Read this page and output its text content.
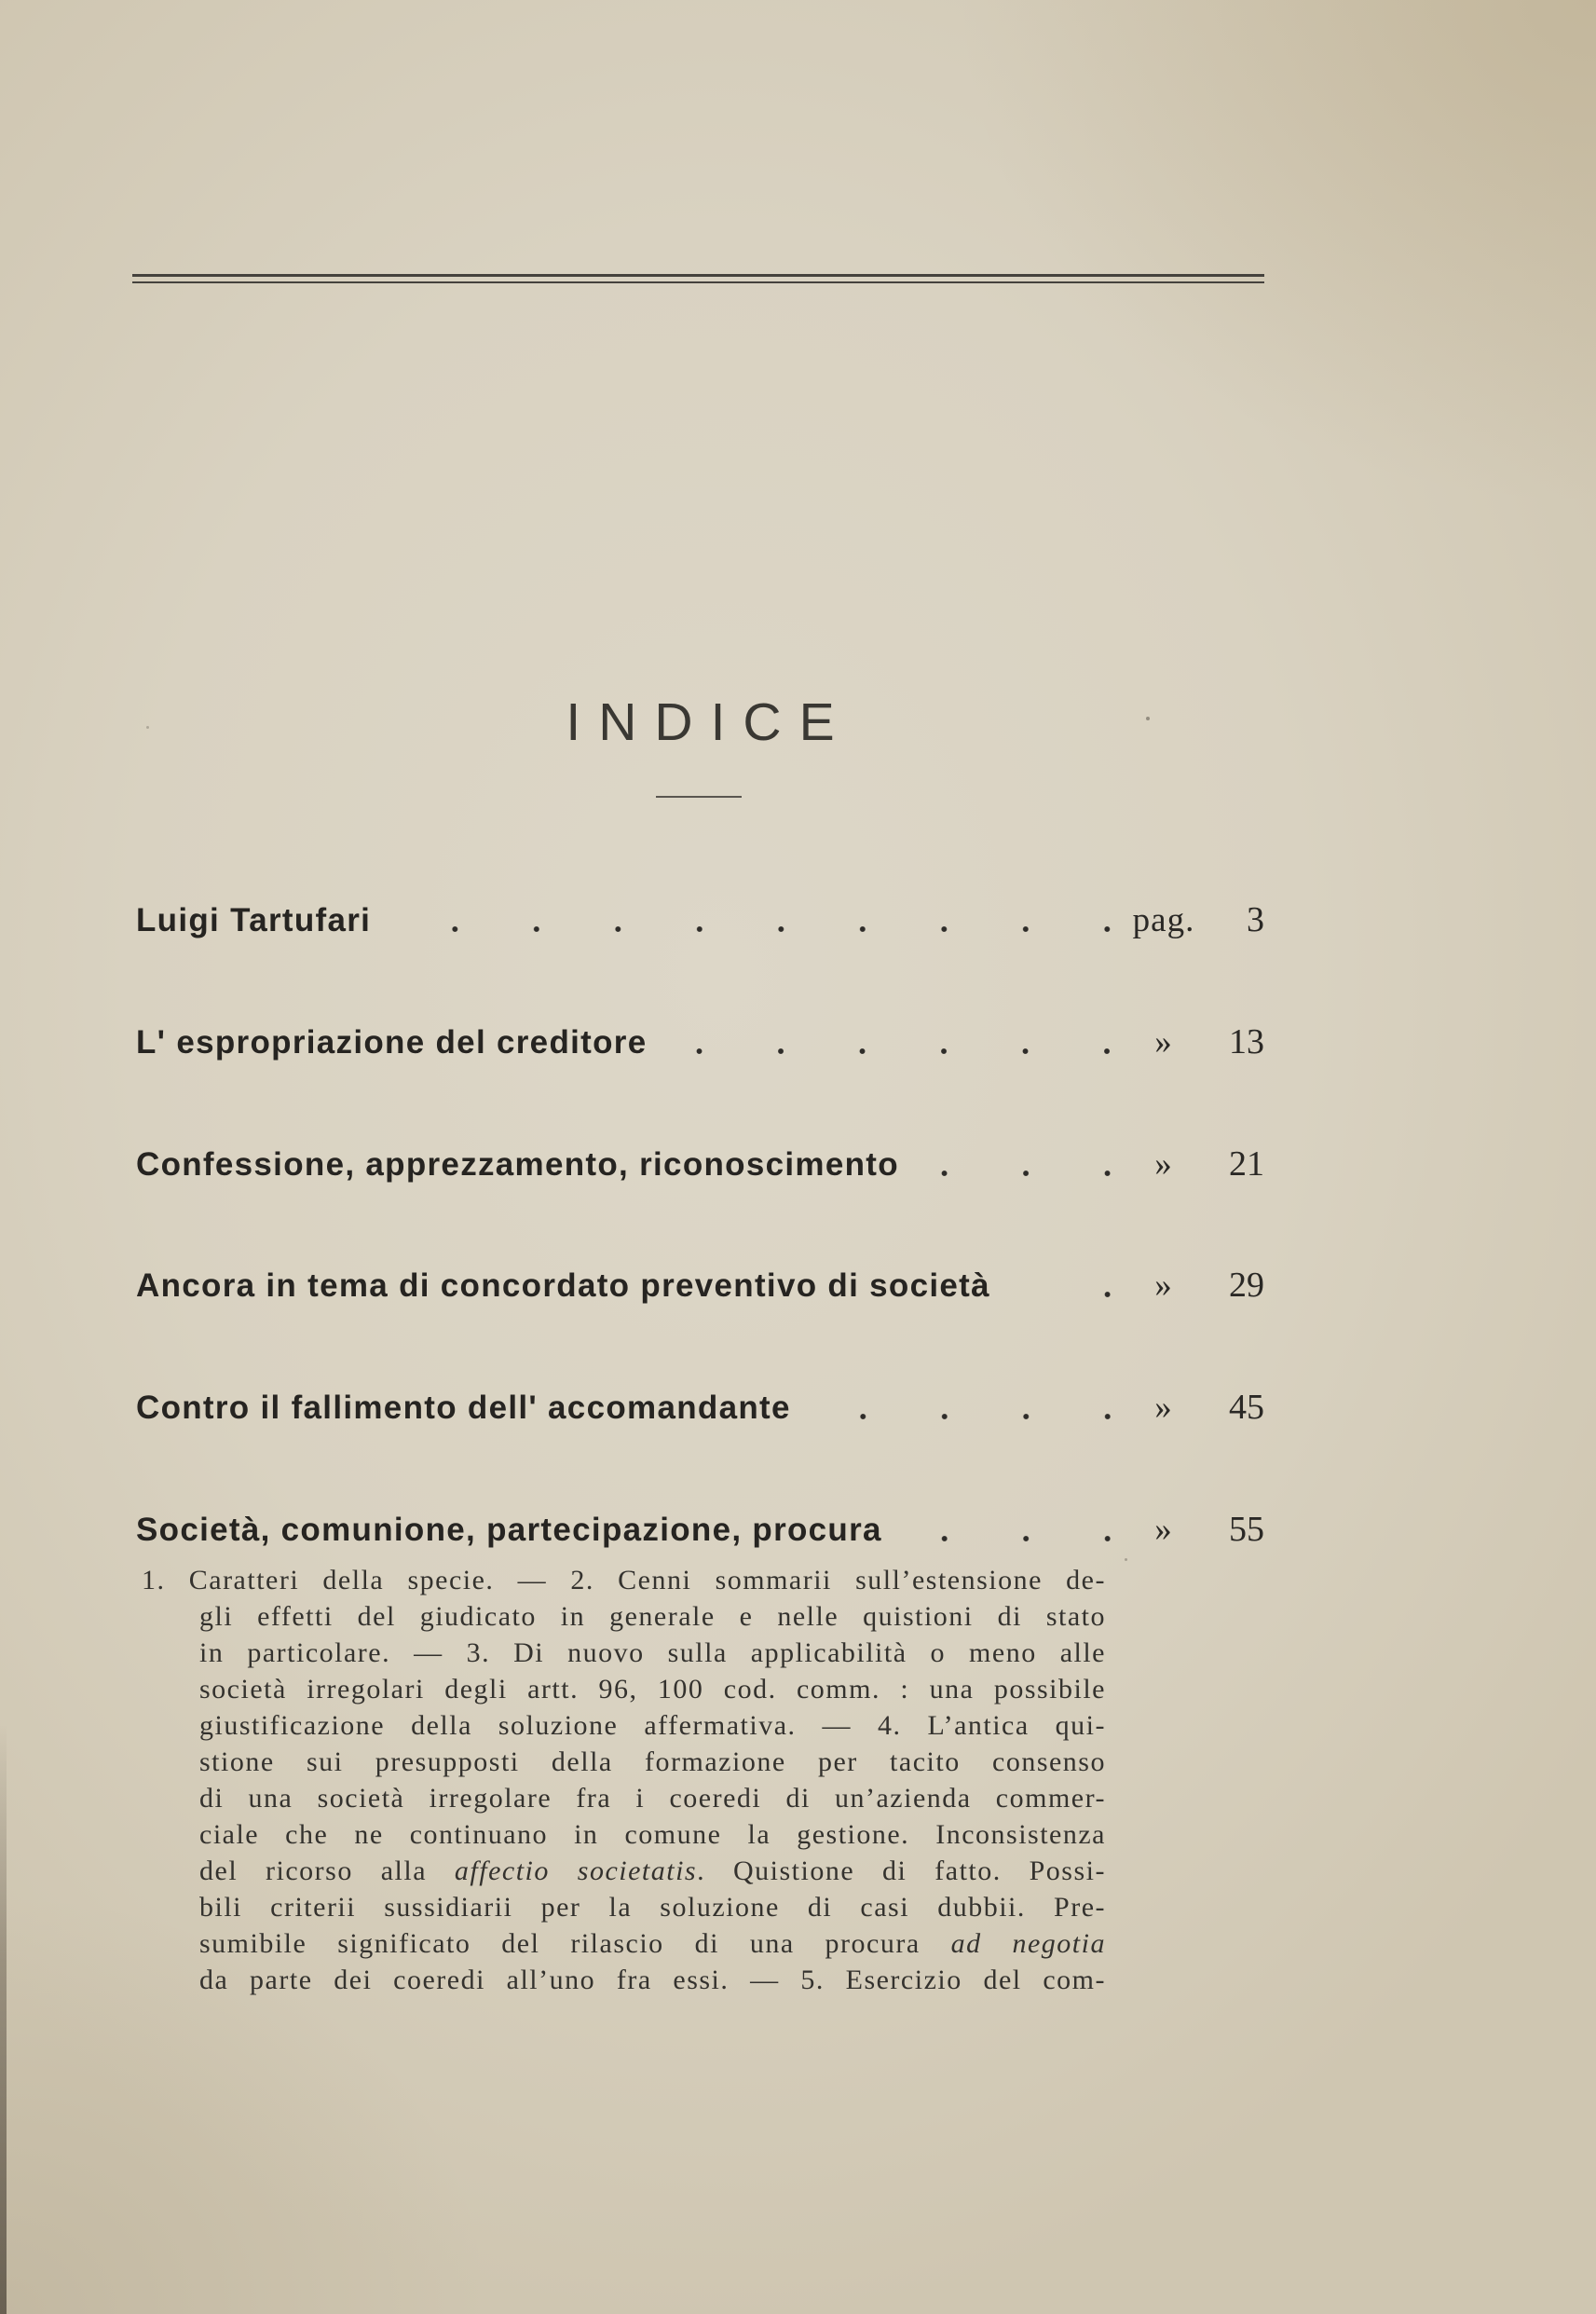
INDICE
Luigi Tartufari	pag.	3
L' espropriazione del creditore	»	13
Confessione, apprezzamento, riconoscimento	»	21
Ancora in tema di concordato preventivo di società	»	29
Contro il fallimento dell' accomandante	»	45
Società, comunione, partecipazione, procura	»	55
1. Caratteri della specie. — 2. Cenni sommarii sull’estensione de-
gli effetti del giudicato in generale e nelle quistioni di stato
in particolare. — 3. Di nuovo sulla applicabilità o meno alle
società irregolari degli artt. 96, 100 cod. comm. : una possibile
giustificazione della soluzione affermativa. — 4. L’antica qui-
stione sui presupposti della formazione per tacito consenso
di una società irregolare fra i coeredi di un’azienda commer-
ciale che ne continuano in comune la gestione. Inconsistenza
del ricorso alla affectio societatis. Quistione di fatto. Possi-
bili criterii sussidiarii per la soluzione di casi dubbii. Pre-
sumibile significato del rilascio di una procura ad negotia
da parte dei coeredi all’uno fra essi. — 5. Esercizio del com-
